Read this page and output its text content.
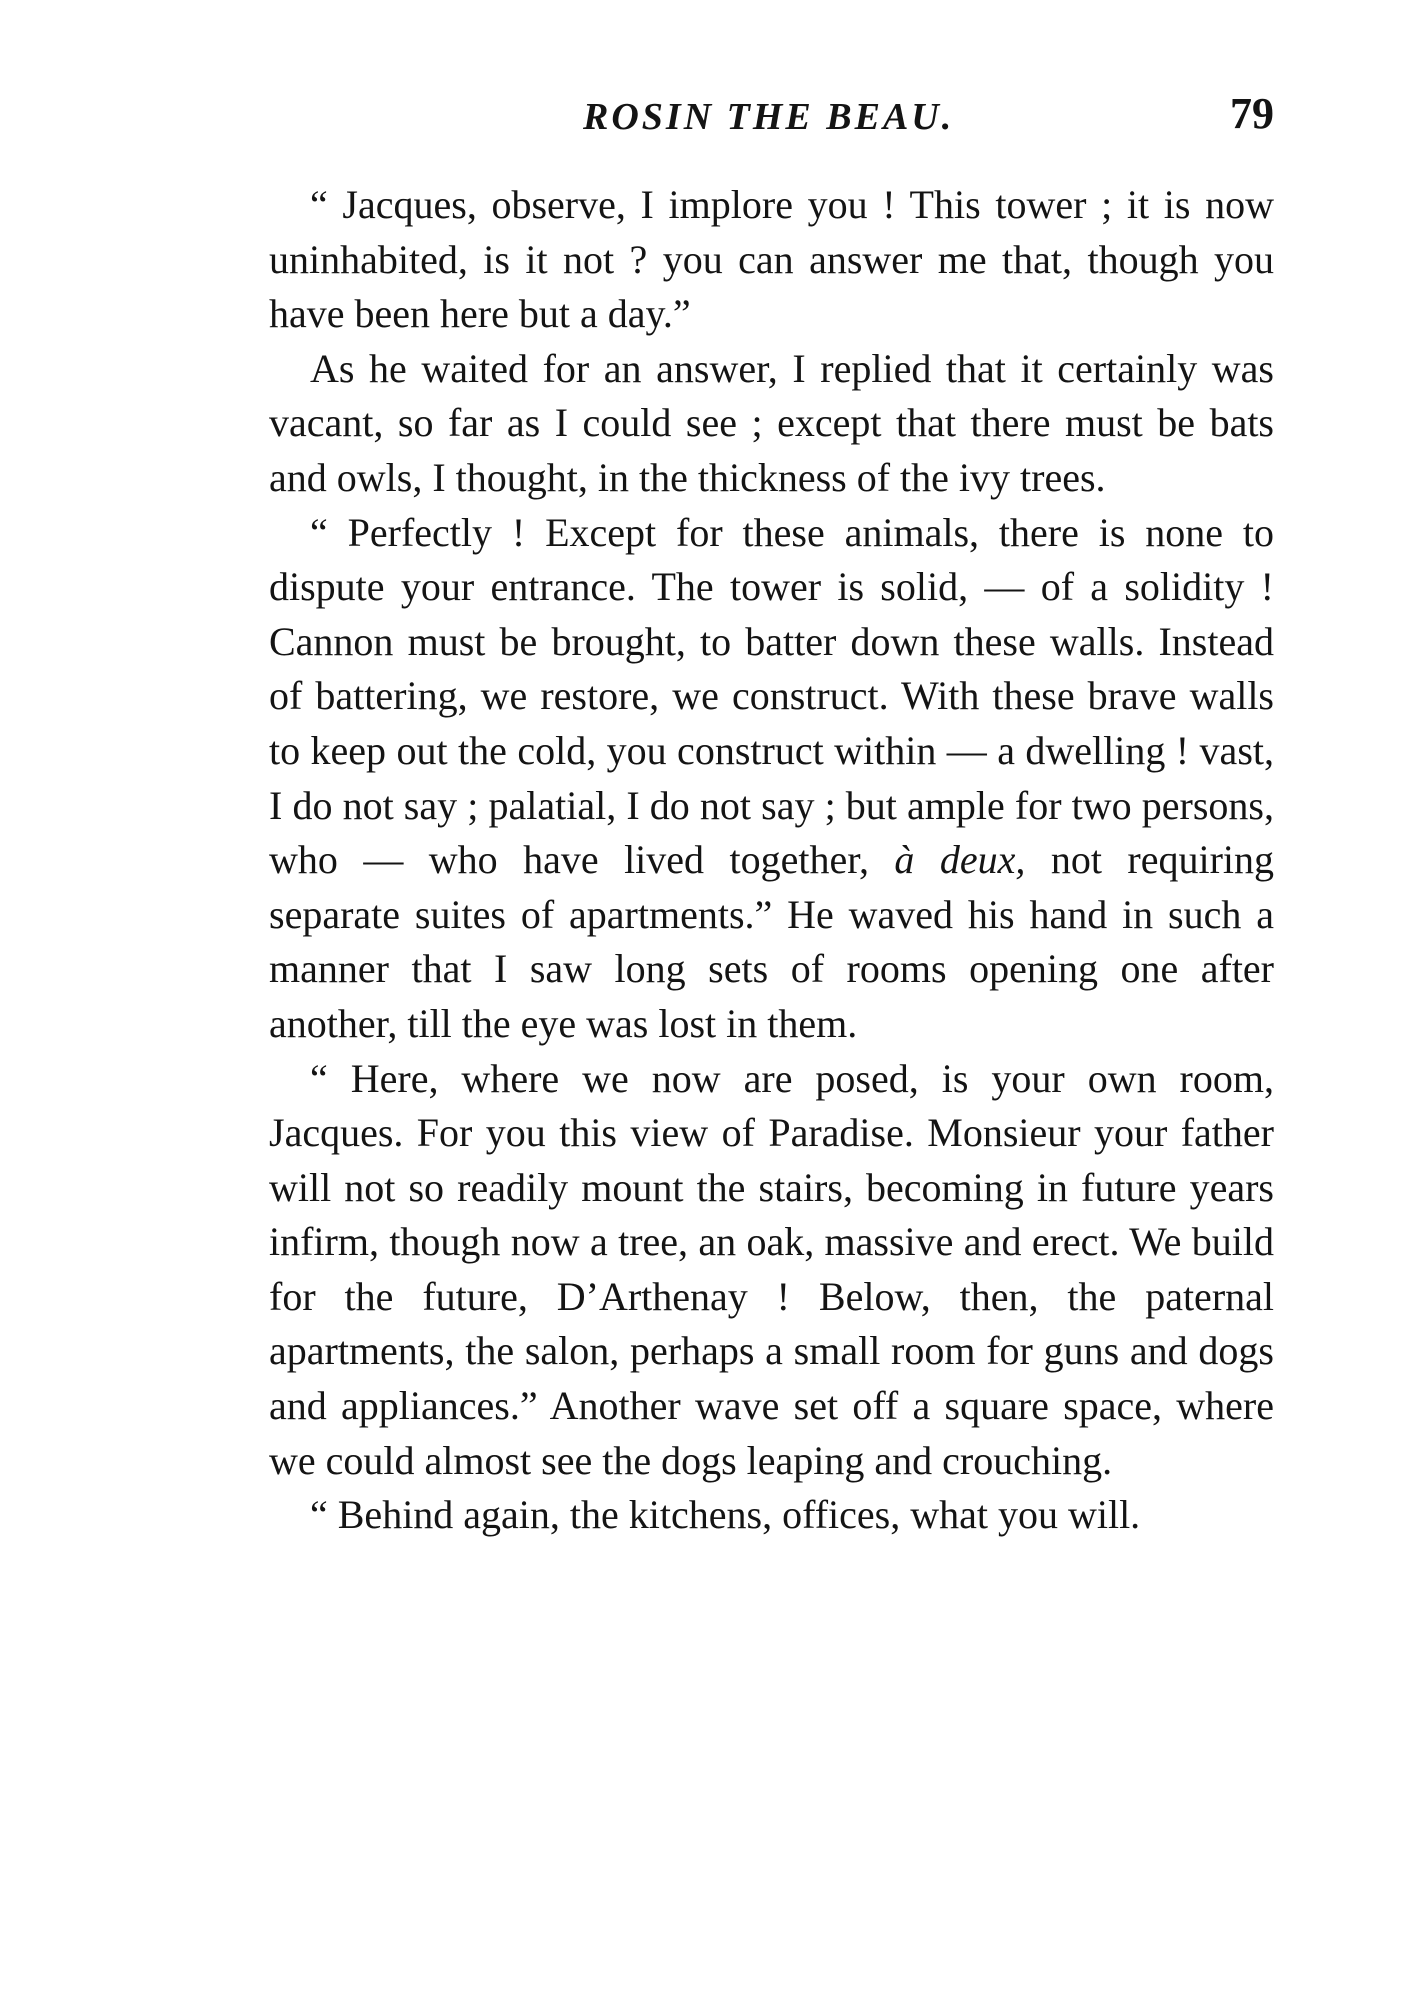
ROSIN THE BEAU.	79

“ Jacques, observe, I implore you ! This tower ; it is now uninhabited, is it not ? you can answer me that, though you have been here but a day.”

As he waited for an answer, I replied that it certainly was vacant, so far as I could see ; except that there must be bats and owls, I thought, in the thickness of the ivy trees.

“ Perfectly ! Except for these animals, there is none to dispute your entrance. The tower is solid, — of a solidity ! Cannon must be brought, to batter down these walls. Instead of battering, we restore, we construct. With these brave walls to keep out the cold, you construct within — a dwelling ! vast, I do not say ; palatial, I do not say ; but ample for two persons, who — who have lived together, à deux, not requiring separate suites of apartments.” He waved his hand in such a manner that I saw long sets of rooms opening one after another, till the eye was lost in them.

“ Here, where we now are posed, is your own room, Jacques. For you this view of Paradise. Monsieur your father will not so readily mount the stairs, becoming in future years infirm, though now a tree, an oak, massive and erect. We build for the future, D’Arthenay ! Below, then, the paternal apartments, the salon, perhaps a small room for guns and dogs and appliances.” Another wave set off a square space, where we could almost see the dogs leaping and crouching.

“ Behind again, the kitchens, offices, what you will.
